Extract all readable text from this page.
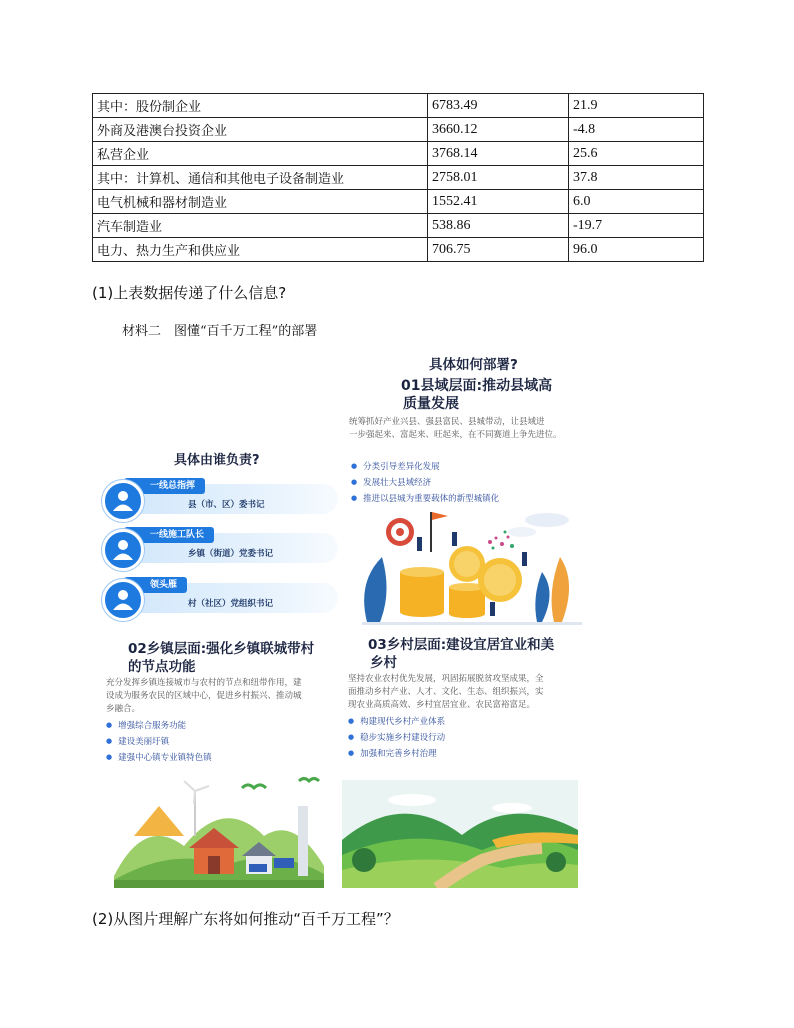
其中：股份制企业	6783.49	21.9
外商及港澳台投资企业	3660.12	-4.8
私营企业	3768.14	25.6
其中：计算机、通信和其他电子设备制造业	2758.01	37.8
电气机械和器材制造业	1552.41	6.0
汽车制造业	538.86	-19.7
电力、热力生产和供应业	706.75	96.0
(1)上表数据传递了什么信息?
材料二　图懂“百千万工程”的部署
具体如何部署?
01县域层面:推动县域高
质量发展
统筹抓好产业兴县、强县富民、县城带动，让县域进
一步强起来、富起来、旺起来，在不同赛道上争先进位。
● 分类引导差异化发展
● 发展壮大县域经济
● 推进以县城为重要载体的新型城镇化
具体由谁负责?
一线总指挥
县（市、区）委书记
一线施工队长
乡镇（街道）党委书记
领头雁
村（社区）党组织书记
02乡镇层面:强化乡镇联城带村
的节点功能
充分发挥乡镇连接城市与农村的节点和纽带作用，建
设成为服务农民的区域中心，促进乡村振兴、推动城
乡融合。
● 增强综合服务功能
● 建设美丽圩镇
● 建强中心镇专业镇特色镇
03乡村层面:建设宜居宜业和美
乡村
坚持农业农村优先发展，巩固拓展脱贫攻坚成果，全
面推动乡村产业、人才、文化、生态、组织振兴，实
现农业高质高效、乡村宜居宜业、农民富裕富足。
● 构建现代乡村产业体系
● 稳步实施乡村建设行动
● 加强和完善乡村治理
(2)从图片理解广东将如何推动“百千万工程”？
